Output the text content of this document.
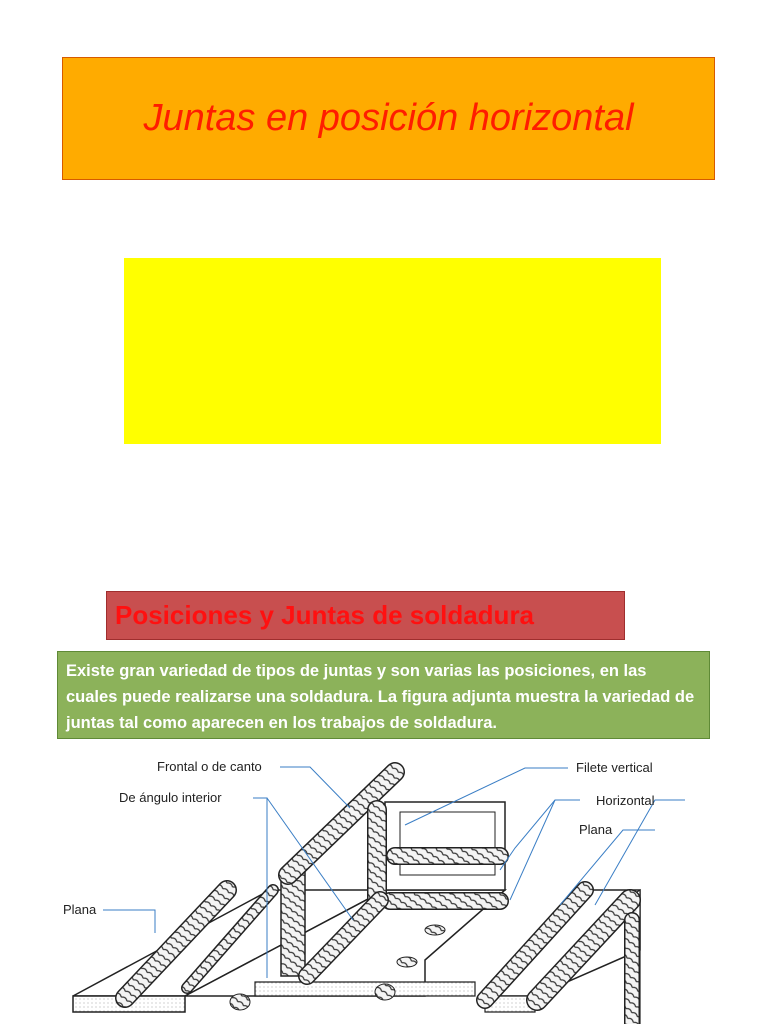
Juntas en posición horizontal
Posiciones y Juntas de soldadura

Existe gran variedad de tipos de juntas y son varias las posiciones, en las cuales puede realizarse una soldadura. La figura adjunta muestra la variedad de juntas tal como aparecen en los trabajos de soldadura.

Frontal o de canto
De ángulo interior
Plana
Filete vertical
Horizontal
Plana
